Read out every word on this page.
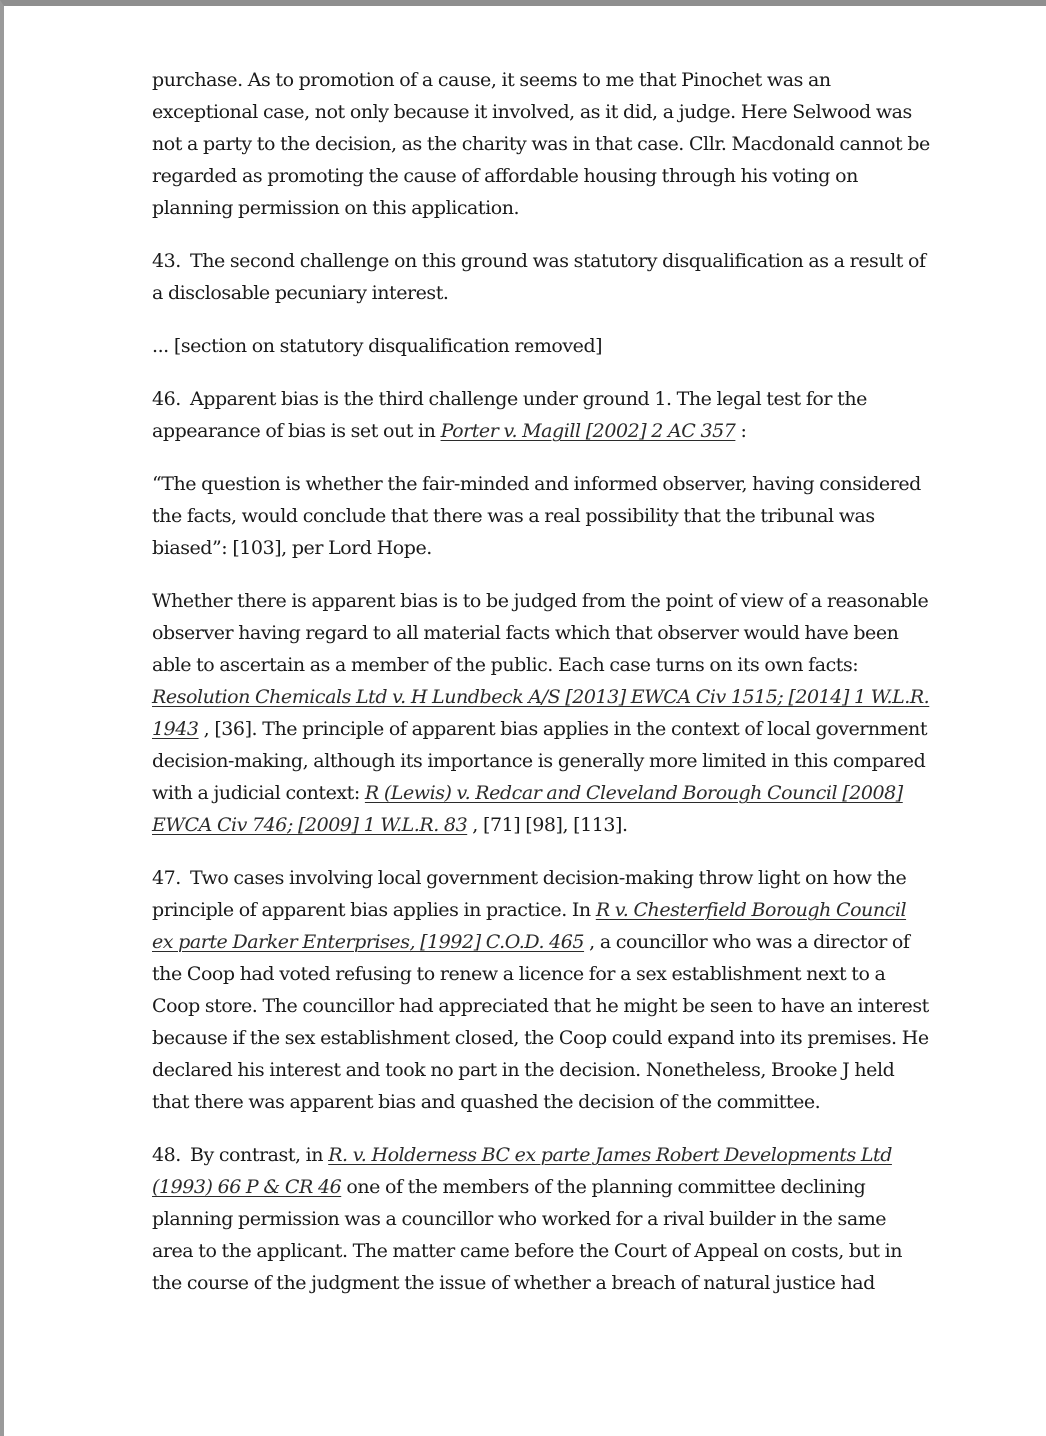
purchase. As to promotion of a cause, it seems to me that Pinochet was an exceptional case, not only because it involved, as it did, a judge. Here Selwood was not a party to the decision, as the charity was in that case. Cllr. Macdonald cannot be regarded as promoting the cause of affordable housing through his voting on planning permission on this application.

43. The second challenge on this ground was statutory disqualification as a result of a disclosable pecuniary interest.

... [section on statutory disqualification removed]

46. Apparent bias is the third challenge under ground 1. The legal test for the appearance of bias is set out in Porter v. Magill [2002] 2 AC 357 :

“The question is whether the fair-minded and informed observer, having considered the facts, would conclude that there was a real possibility that the tribunal was biased”: [103], per Lord Hope.

Whether there is apparent bias is to be judged from the point of view of a reasonable observer having regard to all material facts which that observer would have been able to ascertain as a member of the public. Each case turns on its own facts: Resolution Chemicals Ltd v. H Lundbeck A/S [2013] EWCA Civ 1515; [2014] 1 W.L.R. 1943 , [36]. The principle of apparent bias applies in the context of local government decision-making, although its importance is generally more limited in this compared with a judicial context: R (Lewis) v. Redcar and Cleveland Borough Council [2008] EWCA Civ 746; [2009] 1 W.L.R. 83 , [71] [98], [113].

47. Two cases involving local government decision-making throw light on how the principle of apparent bias applies in practice. In R v. Chesterfield Borough Council ex parte Darker Enterprises, [1992] C.O.D. 465 , a councillor who was a director of the Coop had voted refusing to renew a licence for a sex establishment next to a Coop store. The councillor had appreciated that he might be seen to have an interest because if the sex establishment closed, the Coop could expand into its premises. He declared his interest and took no part in the decision. Nonetheless, Brooke J held that there was apparent bias and quashed the decision of the committee.

48. By contrast, in R. v. Holderness BC ex parte James Robert Developments Ltd (1993) 66 P & CR 46 one of the members of the planning committee declining planning permission was a councillor who worked for a rival builder in the same area to the applicant. The matter came before the Court of Appeal on costs, but in the course of the judgment the issue of whether a breach of natural justice had
